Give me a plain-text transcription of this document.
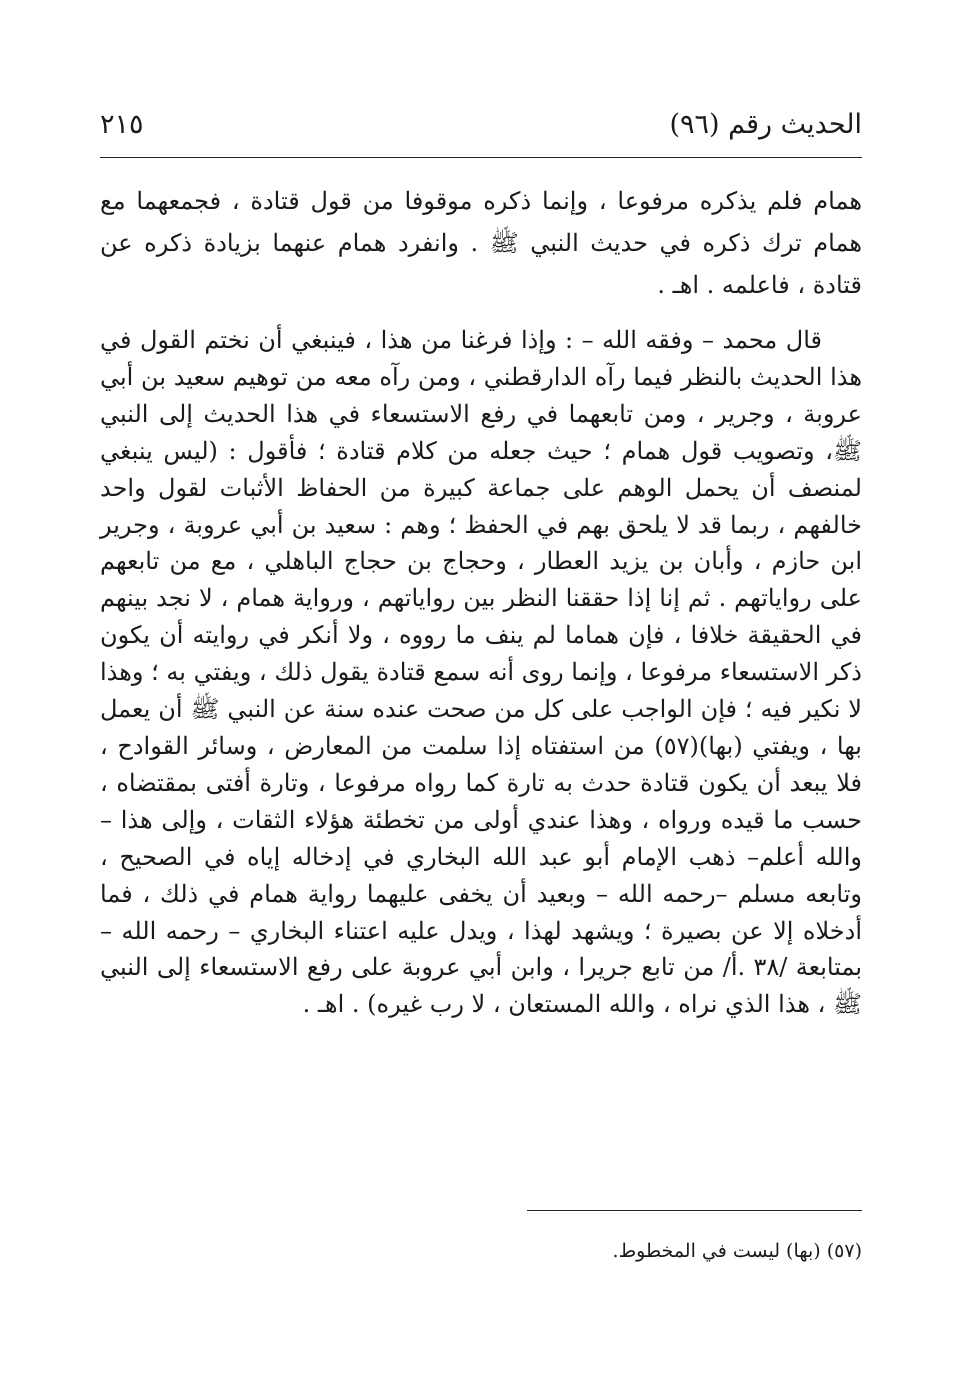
الحديث رقم (٩٦)
٢١٥

همام فلم يذكره مرفوعا ، وإنما ذكره موقوفا من قول قتادة ، فجمعهما مع همام ترك ذكره في حديث النبي ﷺ . وانفرد همام عنهما بزيادة ذكره عن قتادة ، فاعلمه . اهـ .

قال محمد – وفقه الله – : وإذا فرغنا من هذا ، فينبغي أن نختم القول في هذا الحديث بالنظر فيما رآه الدارقطني ، ومن رآه معه من توهيم سعيد بن أبي عروبة ، وجرير ، ومن تابعهما في رفع الاستسعاء في هذا الحديث إلى النبي ﷺ، وتصويب قول همام ؛ حيث جعله من كلام قتادة ؛ فأقول : (ليس ينبغي لمنصف أن يحمل الوهم على جماعة كبيرة من الحفاظ الأثبات لقول واحد خالفهم ، ربما قد لا يلحق بهم في الحفظ ؛ وهم : سعيد بن أبي عروبة ، وجرير ابن حازم ، وأبان بن يزيد العطار ، وحجاج بن حجاج الباهلي ، مع من تابعهم على رواياتهم . ثم إنا إذا حققنا النظر بين رواياتهم ، ورواية همام ، لا نجد بينهم في الحقيقة خلافا ، فإن هماما لم ينف ما رووه ، ولا أنكر في روايته أن يكون ذكر الاستسعاء مرفوعا ، وإنما روى أنه سمع قتادة يقول ذلك ، ويفتي به ؛ وهذا لا نكير فيه ؛ فإن الواجب على كل من صحت عنده سنة عن النبي ﷺ أن يعمل بها ، ويفتي (بها)(٥٧) من استفتاه إذا سلمت من المعارض ، وسائر القوادح ، فلا يبعد أن يكون قتادة حدث به تارة كما رواه مرفوعا ، وتارة أفتى بمقتضاه ، حسب ما قيده ورواه ، وهذا عندي أولى من تخطئة هؤلاء الثقات ، وإلى هذا –والله أعلم– ذهب الإمام أبو عبد الله البخاري في إدخاله إياه في الصحيح ، وتابعه مسلم –رحمه الله – وبعيد أن يخفى عليهما رواية همام في ذلك ، فما أدخلاه إلا عن بصيرة ؛ ويشهد لهذا ، ويدل عليه اعتناء البخاري – رحمه الله – بمتابعة /٣٨ .أ/ من تابع جريرا ، وابن أبي عروبة على رفع الاستسعاء إلى النبي ﷺ ، هذا الذي نراه ، والله المستعان ، لا رب غيره) . اهـ .

(٥٧) (بها) ليست في المخطوط.
